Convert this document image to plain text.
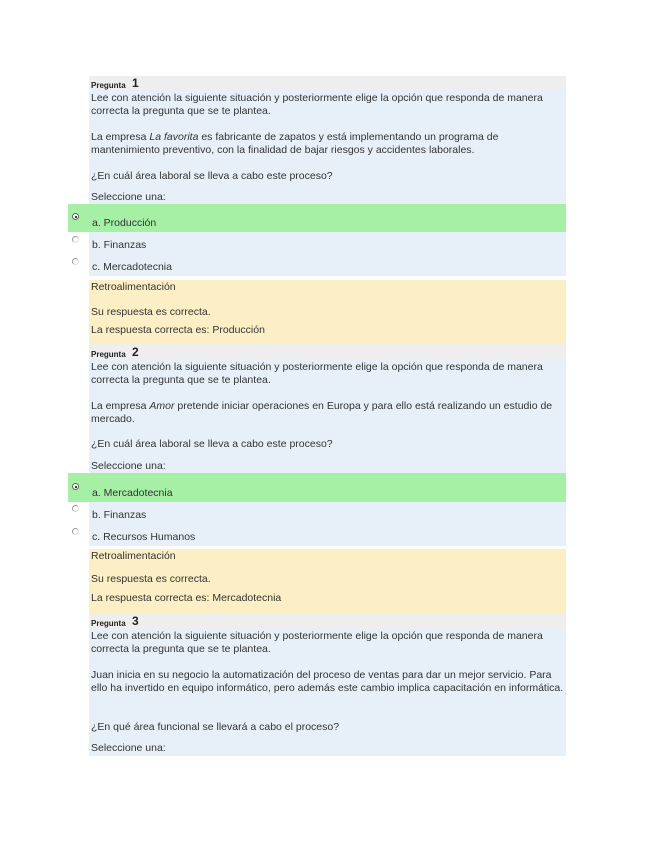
Pregunta 1
Lee con atención la siguiente situación y posteriormente elige la opción que responda de manera correcta la pregunta que se te plantea.
La empresa La favorita es fabricante de zapatos y está implementando un programa de mantenimiento preventivo, con la finalidad de bajar riesgos y accidentes laborales.
¿En cuál área laboral se lleva a cabo este proceso?
Seleccione una:
a. Producción
b. Finanzas
c. Mercadotecnia
Retroalimentación
Su respuesta es correcta.
La respuesta correcta es: Producción
Pregunta 2
Lee con atención la siguiente situación y posteriormente elige la opción que responda de manera correcta la pregunta que se te plantea.
La empresa Amor pretende iniciar operaciones en Europa y para ello está realizando un estudio de mercado.
¿En cuál área laboral se lleva a cabo este proceso?
Seleccione una:
a. Mercadotecnia
b. Finanzas
c. Recursos Humanos
Retroalimentación
Su respuesta es correcta.
La respuesta correcta es: Mercadotecnia
Pregunta 3
Lee con atención la siguiente situación y posteriormente elige la opción que responda de manera correcta la pregunta que se te plantea.
Juan inicia en su negocio la automatización del proceso de ventas para dar un mejor servicio. Para ello ha invertido en equipo informático, pero además este cambio implica capacitación en informática.
¿En qué área funcional se llevará a cabo el proceso?
Seleccione una:
